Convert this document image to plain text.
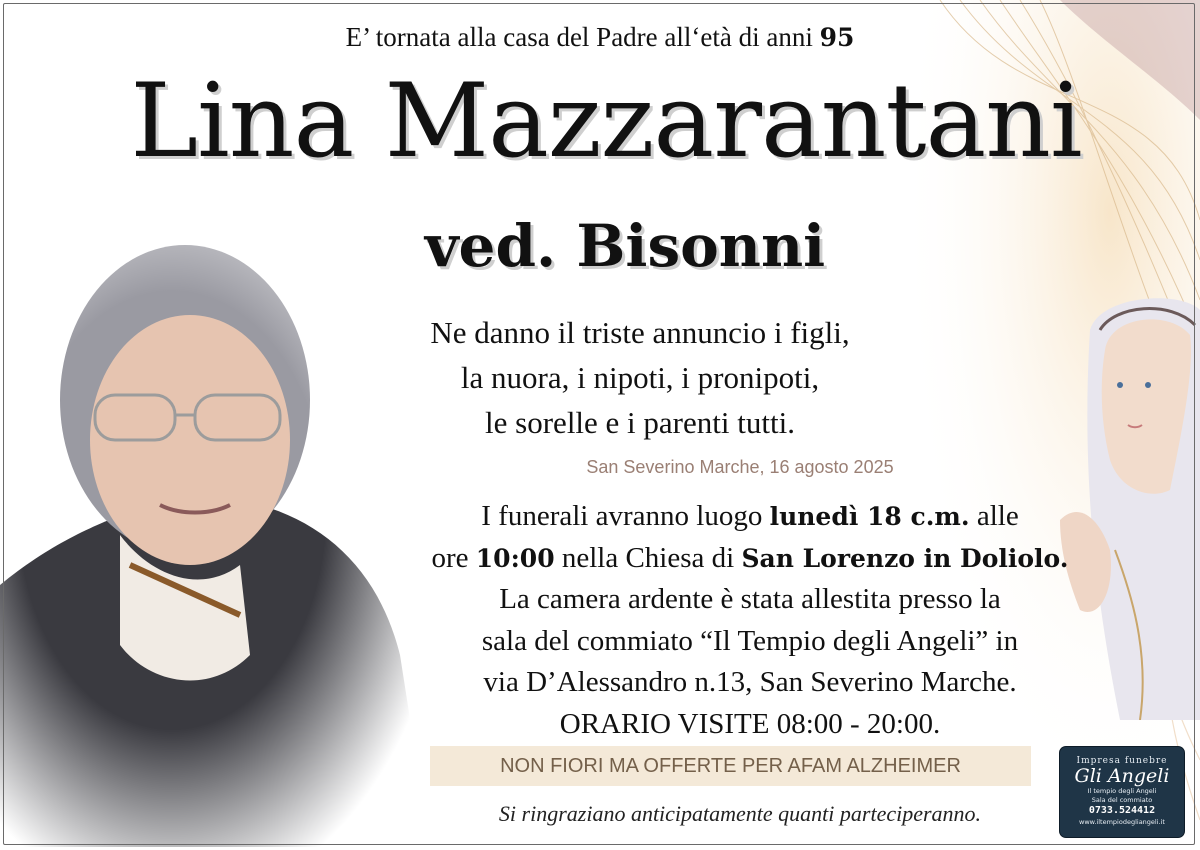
E’ tornata alla casa del Padre all‘età di anni 95
Lina Mazzarantani
ved. Bisonni
Ne danno il triste annuncio i figli,
la nuora, i nipoti, i pronipoti,
le sorelle e i parenti tutti.
San Severino Marche, 16 agosto 2025
I funerali avranno luogo lunedì 18 c.m. alle
ore 10:00 nella Chiesa di San Lorenzo in Doliolo.
La camera ardente è stata allestita presso la
sala del commiato “Il Tempio degli Angeli” in
via D’Alessandro n.13, San Severino Marche.
ORARIO VISITE 08:00 - 20:00.
NON FIORI MA OFFERTE PER AFAM ALZHEIMER
Si ringraziano anticipatamente quanti parteciperanno.
Impresa funebre
Gli Angeli
Il tempio degli Angeli
Sala del commiato
0733.524412
www.iltempiodegliangeli.it
